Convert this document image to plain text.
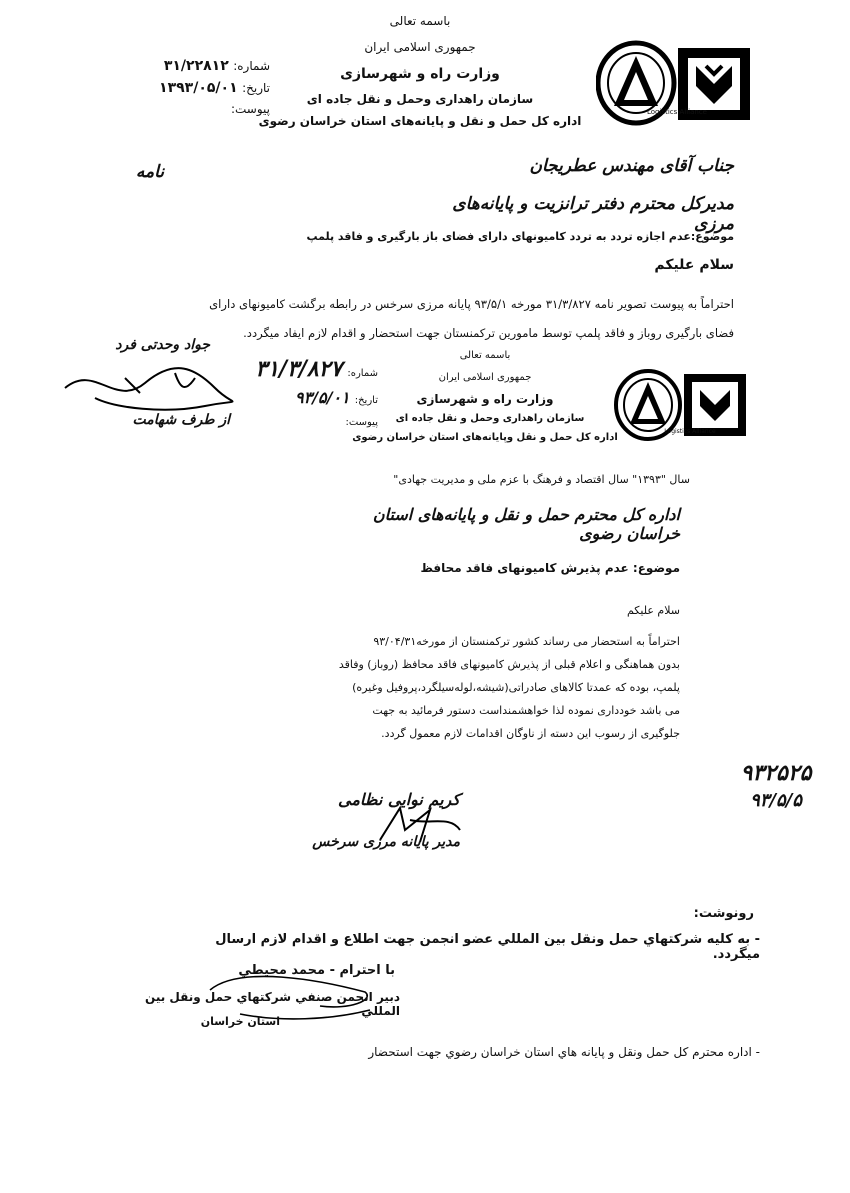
Logistics Alliance
باسمه تعالی
جمهوری اسلامی ایران
وزارت راه و شهرسازی
سازمان راهداری وحمل و نقل جاده ای
اداره کل حمل و نقل و پایانه‌های استان خراسان رضوی
شماره: ۳۱/۲۲۸۱۲
تاریخ: ۱۳۹۳/۰۵/۰۱
پیوست:
نامه	جناب آقای مهندس عطریجان
مدیرکل محترم دفتر ترانزیت و پایانه‌های مرزی
موضوع:عدم اجازه تردد به تردد کامیونهای دارای فضای باز بارگیری و فاقد پلمپ
سلام علیکم
احتراماً به پیوست تصویر نامه ۳۱/۳/۸۲۷ مورخه ۹۳/۵/۱ پایانه مرزی سرخس در رابطه برگشت کامیونهای دارای
فضای بارگیری روباز و فاقد پلمپ توسط مامورین ترکمنستان جهت استحضار و اقدام لازم ایفاد میگردد.
جواد وحدتی فرد
از طرف شهامت
Logistics Alliance
باسمه تعالی
جمهوری اسلامی ایران
وزارت راه و شهرسازی
سازمان راهداری وحمل و نقل جاده ای
اداره کل حمل و نقل وپایانه‌های استان خراسان رضوی
شماره: ۳۱/۳/۸۲۷
تاریخ: ۹۳/۵/۰۱
پیوست:
سال "۱۳۹۳" سال اقتصاد و فرهنگ با عزم ملی و مدیریت جهادی"
اداره کل محترم حمل و نقل و پایانه‌های استان خراسان رضوی
موضوع: عدم پذیرش کامیونهای فاقد محافظ
سلام علیکم
احتراماً به استحضار می رساند کشور ترکمنستان از مورخه۹۳/۰۴/۳۱
بدون هماهنگی و اعلام قبلی از پذیرش کامیونهای فاقد محافظ (روباز) وفاقد
پلمپ، بوده که عمدتا کالاهای صادراتی(شیشه،لوله‌سیلگرد،پروفیل وغیره)
می باشد خودداری نموده لذا خواهشمنداست دستور فرمائید به جهت
جلوگیری از رسوب این دسته از ناوگان اقدامات لازم معمول گردد.
۹۳۲۵۲۵
۹۳/۵/۵
کریم نوایی نظامی
مدیر پایانه مرزی سرخس
رونوشت:
- به كليه شركتهاي حمل ونقل بين المللي عضو انجمن جهت اطلاع و اقدام لازم ارسال ميگردد.
با احترام - محمد محيطي
دبير انجمن صنفي شركتهاي حمل ونقل بين المللي
استان خراسان
- اداره محترم كل حمل ونقل و پايانه هاي استان خراسان رضوي جهت استحضار
